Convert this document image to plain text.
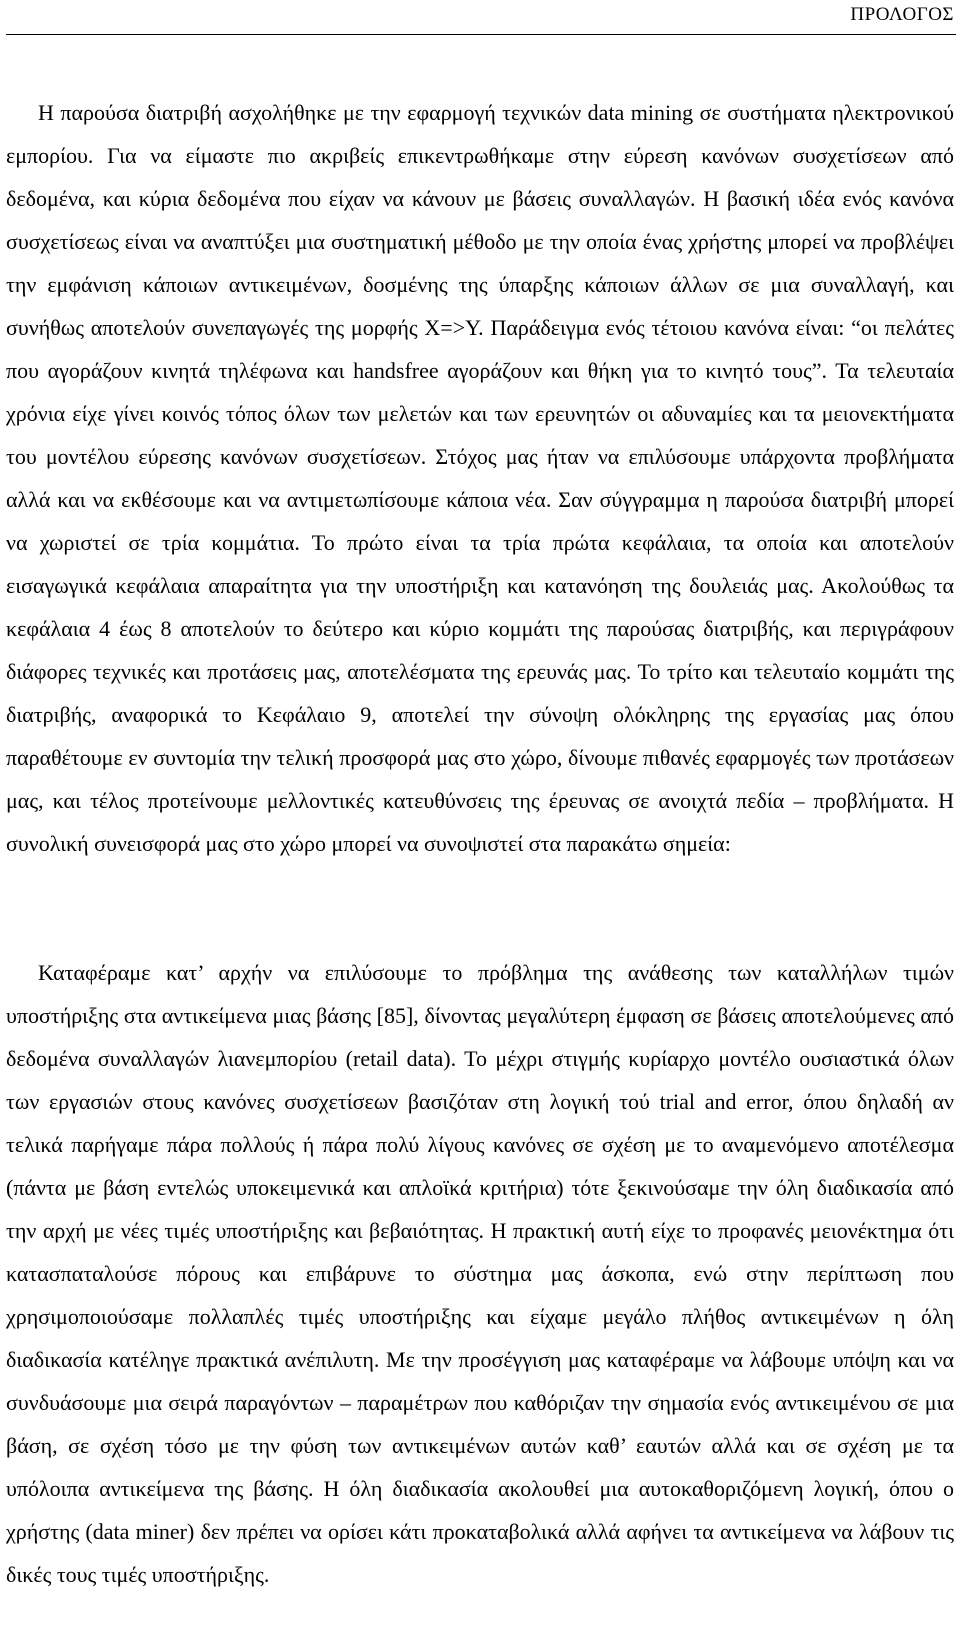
ΠΡΟΛΟΓΟΣ

Η παρούσα διατριβή ασχολήθηκε με την εφαρμογή τεχνικών data mining σε συστήματα ηλεκτρονικού εμπορίου. Για να είμαστε πιο ακριβείς επικεντρωθήκαμε στην εύρεση κανόνων συσχετίσεων από δεδομένα, και κύρια δεδομένα που είχαν να κάνουν με βάσεις συναλλαγών. Η βασική ιδέα ενός κανόνα συσχετίσεως είναι να αναπτύξει μια συστηματική μέθοδο με την οποία ένας χρήστης μπορεί να προβλέψει την εμφάνιση κάποιων αντικειμένων, δοσμένης της ύπαρξης κάποιων άλλων σε μια συναλλαγή, και συνήθως αποτελούν συνεπαγωγές της μορφής X=>Y. Παράδειγμα ενός τέτοιου κανόνα είναι: “οι πελάτες που αγοράζουν κινητά τηλέφωνα και handsfree αγοράζουν και θήκη για το κινητό τους”. Τα τελευταία χρόνια είχε γίνει κοινός τόπος όλων των μελετών και των ερευνητών οι αδυναμίες και τα μειονεκτήματα του μοντέλου εύρεσης κανόνων συσχετίσεων. Στόχος μας ήταν να επιλύσουμε υπάρχοντα προβλήματα αλλά και να εκθέσουμε και να αντιμετωπίσουμε κάποια νέα. Σαν σύγγραμμα η παρούσα διατριβή μπορεί να χωριστεί σε τρία κομμάτια. Το πρώτο είναι τα τρία πρώτα κεφάλαια, τα οποία και αποτελούν εισαγωγικά κεφάλαια απαραίτητα για την υποστήριξη και κατανόηση της δουλειάς μας. Ακολούθως τα κεφάλαια 4 έως 8 αποτελούν το δεύτερο και κύριο κομμάτι της παρούσας διατριβής, και περιγράφουν διάφορες τεχνικές και προτάσεις μας, αποτελέσματα της ερευνάς μας. Το τρίτο και τελευταίο κομμάτι της διατριβής, αναφορικά το Κεφάλαιο 9, αποτελεί την σύνοψη ολόκληρης της εργασίας μας όπου παραθέτουμε εν συντομία την τελική προσφορά μας στο χώρο, δίνουμε πιθανές εφαρμογές των προτάσεων μας, και τέλος προτείνουμε μελλοντικές κατευθύνσεις της έρευνας σε ανοιχτά πεδία – προβλήματα. Η συνολική συνεισφορά μας στο χώρο μπορεί να συνοψιστεί στα παρακάτω σημεία:

Καταφέραμε κατ’ αρχήν να επιλύσουμε το πρόβλημα της ανάθεσης των καταλλήλων τιμών υποστήριξης στα αντικείμενα μιας βάσης [85], δίνοντας μεγαλύτερη έμφαση σε βάσεις αποτελούμενες από δεδομένα συναλλαγών λιανεμπορίου (retail data). Το μέχρι στιγμής κυρίαρχο μοντέλο ουσιαστικά όλων των εργασιών στους κανόνες συσχετίσεων βασιζόταν στη λογική τού trial and error, όπου δηλαδή αν τελικά παρήγαμε πάρα πολλούς ή πάρα πολύ λίγους κανόνες σε σχέση με το αναμενόμενο αποτέλεσμα (πάντα με βάση εντελώς υποκειμενικά και απλοϊκά κριτήρια) τότε ξεκινούσαμε την όλη διαδικασία από την αρχή με νέες τιμές υποστήριξης και βεβαιότητας. Η πρακτική αυτή είχε το προφανές μειονέκτημα ότι κατασπαταλούσε πόρους και επιβάρυνε το σύστημα μας άσκοπα, ενώ στην περίπτωση που χρησιμοποιούσαμε πολλαπλές τιμές υποστήριξης και είχαμε μεγάλο πλήθος αντικειμένων η όλη διαδικασία κατέληγε πρακτικά ανέπιλυτη. Με την προσέγγιση μας καταφέραμε να λάβουμε υπόψη και να συνδυάσουμε μια σειρά παραγόντων – παραμέτρων που καθόριζαν την σημασία ενός αντικειμένου σε μια βάση, σε σχέση τόσο με την φύση των αντικειμένων αυτών καθ’ εαυτών αλλά και σε σχέση με τα υπόλοιπα αντικείμενα της βάσης. Η όλη διαδικασία ακολουθεί μια αυτοκαθοριζόμενη λογική, όπου ο χρήστης (data miner) δεν πρέπει να ορίσει κάτι προκαταβολικά αλλά αφήνει τα αντικείμενα να λάβουν τις δικές τους τιμές υποστήριξης.
